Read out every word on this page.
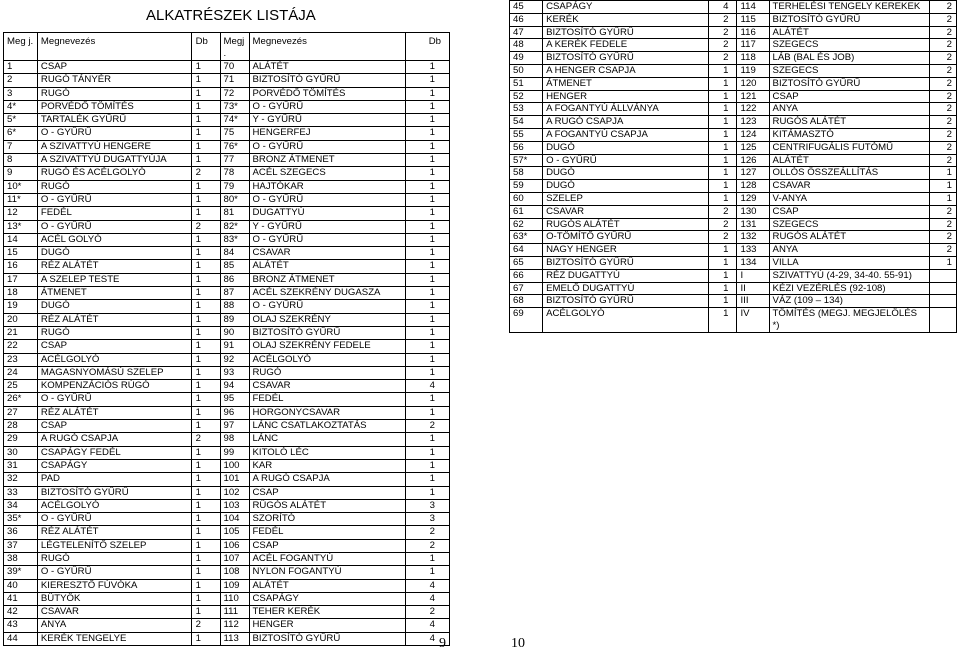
ALKATRÉSZEK LISTÁJA
Meg j.	Megnevezés	Db	Megj .	Megnevezés	Db
1	CSAP	1	70	ALÁTÉT	1
2	RUGÓ TÁNYÉR	1	71	BIZTOSÍTÓ GYŰRŰ	1
3	RUGÓ	1	72	PORVÉDŐ TÖMÍTÉS	1
4*	PORVÉDŐ TÖMÍTÉS	1	73*	O - GYŰRŰ	1
5*	TARTALÉK GYŰRŰ	1	74*	Y - GYŰRŰ	1
6*	O - GYŰRŰ	1	75	HENGERFEJ	1
7	A SZIVATTYÚ HENGERE	1	76*	O - GYŰRŰ	1
8	A SZIVATTYÚ DUGATTYÚJA	1	77	BRONZ ÁTMENET	1
9	RUGÓ ÉS ACÉLGOLYÓ	2	78	ACÉL SZEGECS	1
10*	RUGÓ	1	79	HAJTÓKAR	1
11*	O - GYŰRŰ	1	80*	O - GYŰRŰ	1
12	FEDÉL	1	81	DUGATTYÚ	1
13*	O - GYŰRŰ	2	82*	Y - GYŰRŰ	1
14	ACÉL GOLYÓ	1	83*	O - GYŰRŰ	1
15	DUGÓ	1	84	CSAVAR	1
16	RÉZ ALÁTÉT	1	85	ALÁTÉT	1
17	A SZELEP TESTE	1	86	BRONZ ÁTMENET	1
18	ÁTMENET	1	87	ACÉL SZEKRÉNY DUGASZA	1
19	DUGÓ	1	88	O - GYŰRŰ	1
20	RÉZ ALÁTÉT	1	89	OLAJ SZEKRÉNY	1
21	RUGÓ	1	90	BIZTOSÍTÓ GYŰRŰ	1
22	CSAP	1	91	OLAJ SZEKRÉNY FEDELE	1
23	ACÉLGOLYÓ	1	92	ACÉLGOLYÓ	1
24	MAGASNYOMÁSÚ SZELEP	1	93	RUGÓ	1
25	KOMPENZÁCIÓS RÚGÓ	1	94	CSAVAR	4
26*	O - GYŰRŰ	1	95	FEDÉL	1
27	RÉZ ALÁTÉT	1	96	HORGONYCSAVAR	1
28	CSAP	1	97	LÁNC CSATLAKOZTATÁS	2
29	A RUGÓ CSAPJA	2	98	LÁNC	1
30	CSAPÁGY FEDÉL	1	99	KITOLÓ LÉC	1
31	CSAPÁGY	1	100	KAR	1
32	PAD	1	101	A RUGÓ CSAPJA	1
33	BIZTOSÍTÓ GYŰRŰ	1	102	CSAP	1
34	ACÉLGOLYÓ	1	103	RÜGÓS ALÁTÉT	3
35*	O - GYŰRŰ	1	104	SZORÍTÓ	3
36	RÉZ ALÁTÉT	1	105	FEDÉL	2
37	LÉGTELENÍTŐ SZELEP	1	106	CSAP	2
38	RUGÓ	1	107	ACÉL FOGANTYÚ	1
39*	O - GYŰRŰ	1	108	NYLON FOGANTYÚ	1
40	KIERESZTŐ FÚVÓKA	1	109	ALÁTÉT	4
41	BÜTYÖK	1	110	CSAPÁGY	4
42	CSAVAR	1	111	TEHER KERÉK	2
43	ANYA	2	112	HENGER	4
44	KERÉK TENGELYE	1	113	BIZTOSÍTÓ GYŰRŰ	4
45	CSAPÁGY	4	114	TERHELÉSI TENGELY KEREKEK	2
46	KERÉK	2	115	BIZTOSÍTÓ GYŰRŰ	2
47	BIZTOSÍTÓ GYŰRŰ	2	116	ALÁTÉT	2
48	A KERÉK FEDELE	2	117	SZEGECS	2
49	BIZTOSÍTÓ GYŰRŰ	2	118	LÁB (BAL ÉS JOB)	2
50	A HENGER CSAPJA	1	119	SZEGECS	2
51	ÁTMENET	1	120	BIZTOSÍTÓ GYŰRŰ	2
52	HENGER	1	121	CSAP	2
53	A FOGANTYÚ ÁLLVÁNYA	1	122	ANYA	2
54	A RUGÓ CSAPJA	1	123	RUGÓS ALÁTÉT	2
55	A FOGANTYÚ CSAPJA	1	124	KITÁMASZTÓ	2
56	DUGÓ	1	125	CENTRIFUGÁLIS FUTÓMŰ	2
57*	O - GYŰRŰ	1	126	ALÁTÉT	2
58	DUGÓ	1	127	OLLÓS ÖSSZEÁLLÍTÁS	1
59	DUGÓ	1	128	CSAVAR	1
60	SZELEP	1	129	V-ANYA	1
61	CSAVAR	2	130	CSAP	2
62	RUGÓS ALÁTÉT	2	131	SZEGECS	2
63*	O-TÖMÍTŐ GYŰRŰ	2	132	RUGÓS ALÁTÉT	2
64	NAGY HENGER	1	133	ANYA	2
65	BIZTOSÍTÓ GYŰRŰ	1	134	VILLA	1
66	RÉZ DUGATTYÚ	1	I	SZIVATTYÚ (4-29, 34-40. 55-91)	
67	EMELŐ DUGATTYÚ	1	II	KÉZI VEZÉRLÉS (92-108)	
68	BIZTOSÍTÓ GYŰRŰ	1	III	VÁZ (109 – 134)	
69	ACÉLGOLYÓ	1	IV	TÖMÍTÉS (MEGJ. MEGJELÖLÉS *)	
9	10
